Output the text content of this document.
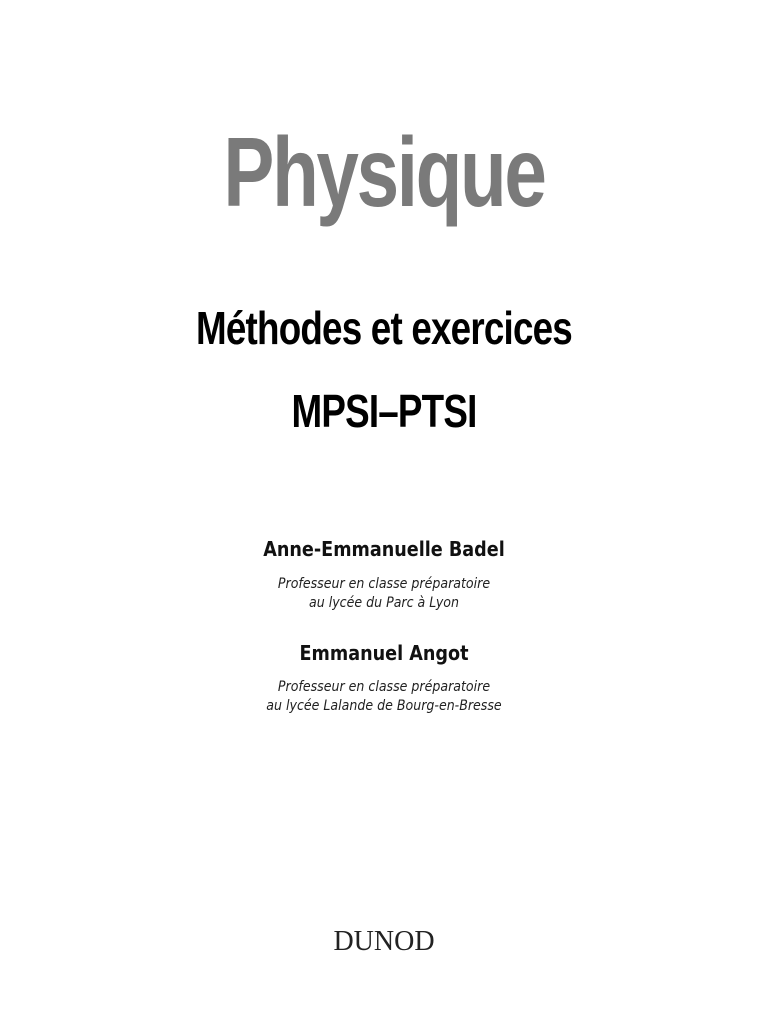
Physique
Méthodes et exercices
MPSI–PTSI
Anne-Emmanuelle Badel
Professeur en classe préparatoire
au lycée du Parc à Lyon
Emmanuel Angot
Professeur en classe préparatoire
au lycée Lalande de Bourg-en-Bresse
DUNOD
